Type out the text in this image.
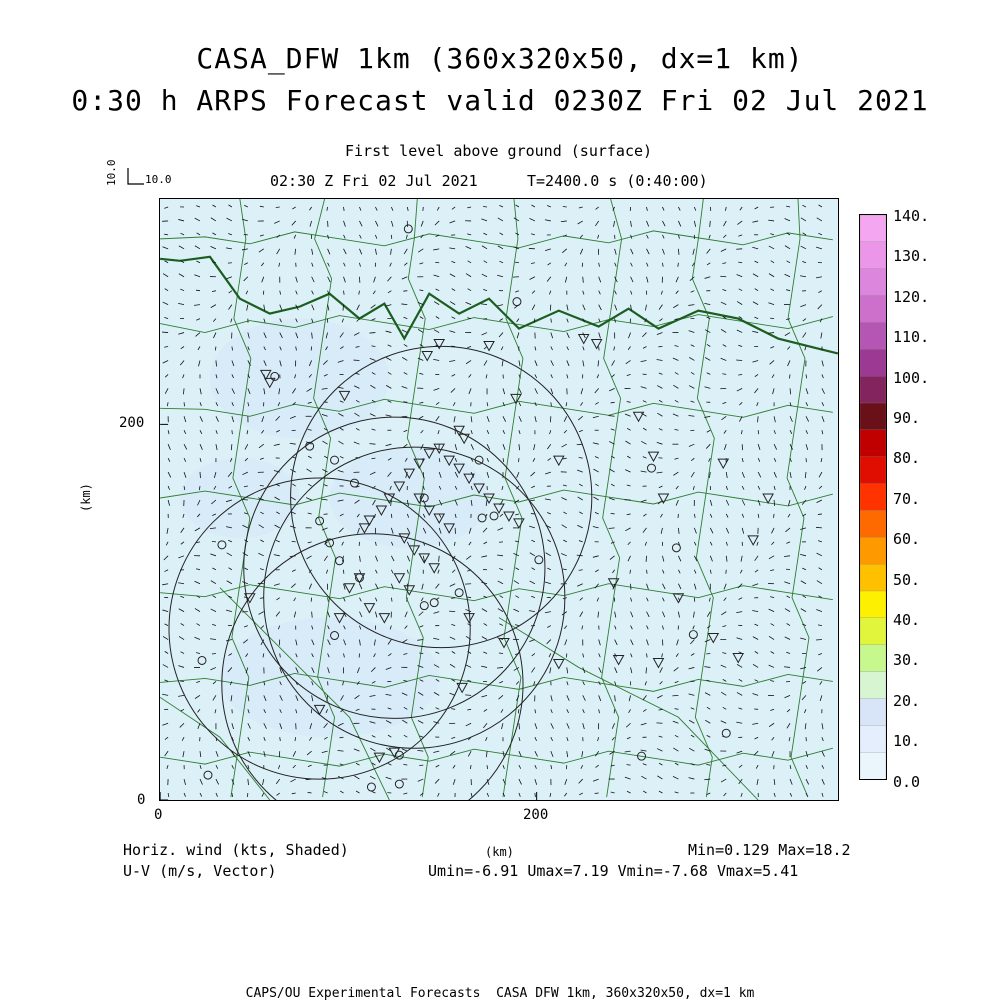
CASA_DFW 1km (360x320x50, dx=1 km)
0:30 h ARPS Forecast valid 0230Z Fri 02 Jul 2021
First level above ground (surface)
02:30 Z Fri 02 Jul 2021	T=2400.0 s (0:40:00)
10.0 10.0
200
0
(km)
0	200
(km)
140.
130.
120.
110.
100.
90.
80.
70.
60.
50.
40.
30.
20.
10.
0.0
Horiz. wind (kts, Shaded)
U-V (m/s, Vector)
Min=0.129 Max=18.2
Umin=-6.91 Umax=7.19 Vmin=-7.68 Vmax=5.41
CAPS/OU Experimental Forecasts  CASA DFW 1km, 360x320x50, dx=1 km
